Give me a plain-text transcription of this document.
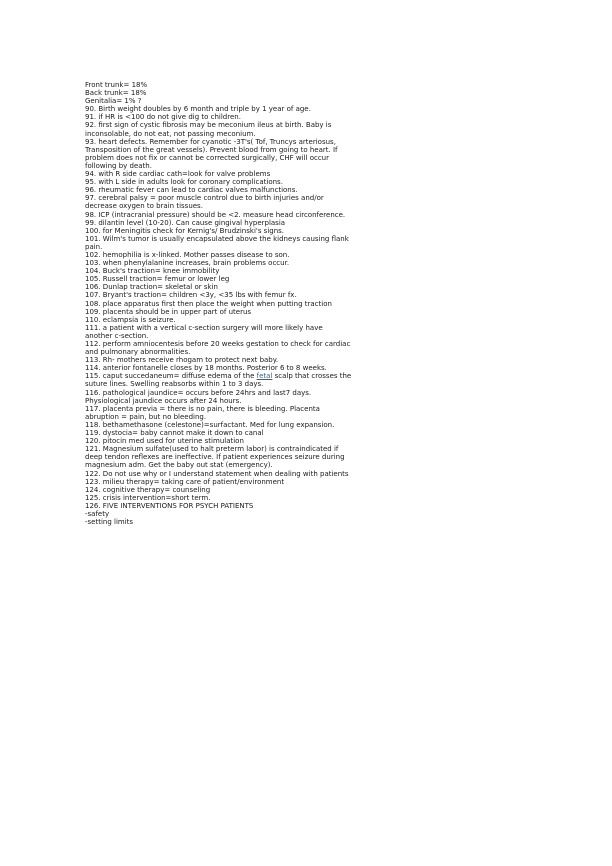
Front trunk= 18%
Back trunk= 18%
Genitalia= 1% ?
90. Birth weight doubles by 6 month and triple by 1 year of age.
91. if HR is <100 do not give dig to children.
92. first sign of cystic fibrosis may be meconium ileus at birth. Baby is
inconsolable, do not eat, not passing meconium.
93. heart defects. Remember for cyanotic -3T's( Tof, Truncys arteriosus,
Transposition of the great vessels). Prevent blood from going to heart. If
problem does not fix or cannot be corrected surgically, CHF will occur
following by death.
94. with R side cardiac cath=look for valve problems
95. with L side in adults look for coronary complications.
96. rheumatic fever can lead to cardiac valves malfunctions.
97. cerebral palsy = poor muscle control due to birth injuries and/or
decrease oxygen to brain tissues.
98. ICP (intracranial pressure) should be <2. measure head circonference.
99. dilantin level (10-20). Can cause gingival hyperplasia
100. for Meningitis check for Kernig's/ Brudzinski's signs.
101. Wilm's tumor is usually encapsulated above the kidneys causing flank
pain.
102. hemophilia is x-linked. Mother passes disease to son.
103. when phenylalanine increases, brain problems occur.
104. Buck's traction= knee immobility
105. Russell traction= femur or lower leg
106. Dunlap traction= skeletal or skin
107. Bryant's traction= children <3y, <35 lbs with femur fx.
108. place apparatus first then place the weight when putting traction
109. placenta should be in upper part of uterus
110. eclampsia is seizure.
111. a patient with a vertical c-section surgery will more likely have
another c-section.
112. perform amniocentesis before 20 weeks gestation to check for cardiac
and pulmonary abnormalities.
113. Rh- mothers receive rhogam to protect next baby.
114. anterior fontanelle closes by 18 months. Posterior 6 to 8 weeks.
115. caput succedaneum= diffuse edema of the fetal scalp that crosses the
suture lines. Swelling reabsorbs within 1 to 3 days.
116. pathological jaundice= occurs before 24hrs and last7 days.
Physiological jaundice occurs after 24 hours.
117. placenta previa = there is no pain, there is bleeding. Placenta
abruption = pain, but no bleeding.
118. bethamethasone (celestone)=surfactant. Med for lung expansion.
119. dystocia= baby cannot make it down to canal
120. pitocin med used for uterine stimulation
121. Magnesium sulfate(used to halt preterm labor) is contraindicated if
deep tendon reflexes are ineffective. If patient experiences seizure during
magnesium adm. Get the baby out stat (emergency).
122. Do not use why or I understand statement when dealing with patients
123. milieu therapy= taking care of patient/environment
124. cognitive therapy= counseling
125. crisis intervention=short term.
126. FIVE INTERVENTIONS FOR PSYCH PATIENTS
-safety
-setting limits
